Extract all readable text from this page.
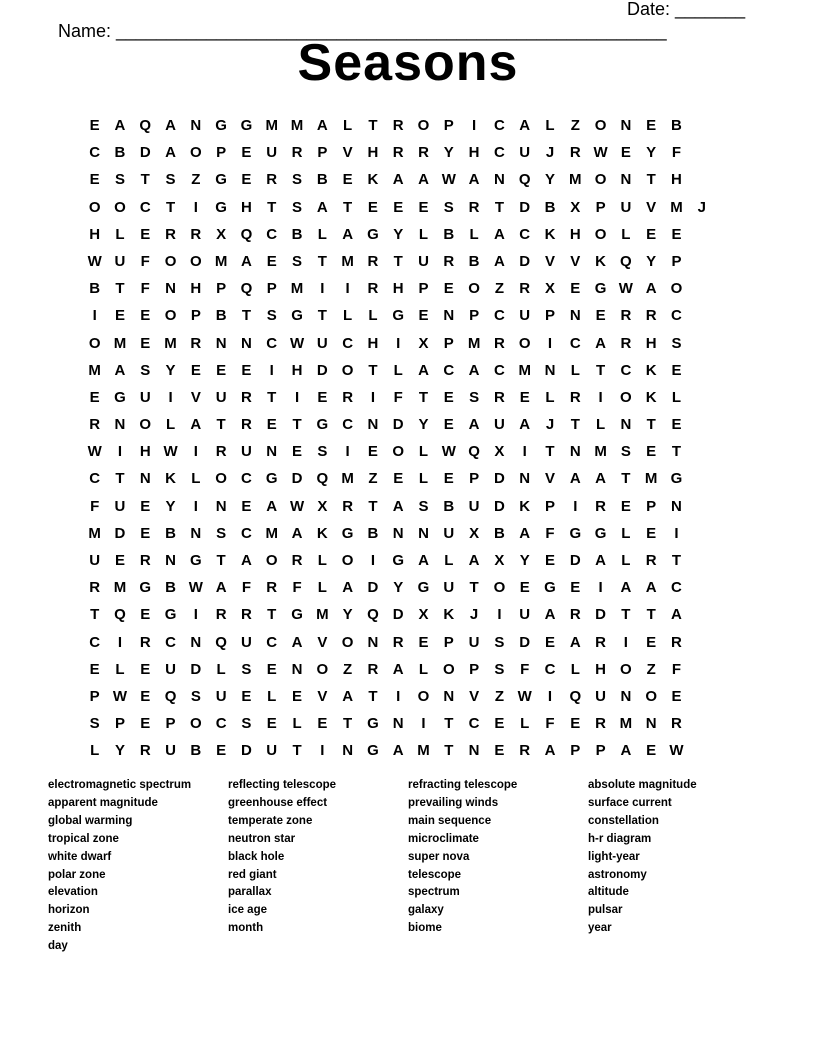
Name: _______________________________________________________

Date: _______

Seasons
E A Q A N G G M M A	L	T	R O P	I	C A	L	Z O N E B
C B D A O P	E U R P	V H R R Y H C U	J	R W E	Y	F
E	S	T	S	Z G E R S B E K A A W A N Q Y M O N	T	H
O O C	T	I	G H	T	S A	T	E	E	E	S R	T	D B X	P U V M J
H	L	E R R X Q C B	L	A G Y	L	B	L	A C K H O L	E	E
W U	F O O M A E	S	T M R	T	U R B A D V	V K Q Y	P
B	T	F	N H P Q P M	I	I	R H P	E O Z	R X	E G W A O
I	E	E O P B	T	S G T	L	L G E N P C U P N E R R C
O M E M R N N C W U C H	I	X	P M R O	I	C A R H S
M A S	Y	E	E	E	I	H D O T	L	A C A C M N	L	T	C K E
E G U	I	V U R	T	I	E R	I	F	T	E	S R E	L	R	I	O K	L
R N O L	A	T	R E	T G C N D Y	E A U A	J	T	L	N	T	E
W	I	H W	I	R U N E	S	I	E O L W Q X	I	T	N M S	E	T
C	T	N K	L O C G D Q M Z	E	L	E	P D N V A A	T M G
F	U E	Y	I	N E A W X R	T	A S B U D K P	I	R E	P N
M D E B N S C M A K G B N N U X B A	F G G L	E	I
U E R N G T	A O R	L O	I	G A	L	A X	Y	E D A	L	R	T
R M G B W A	F	R	F	L	A D Y G U	T O E G E	I	A A C
T Q E G	I	R R	T G M Y Q D X K	J	I	U A R D	T	T	A
C	I	R C N Q U C A V O N R E	P U S D E A R	I	E R
E	L	E U D	L	S	E N O Z	R A	L O P	S	F	C	L	H O Z	F
P W E Q S U E	L	E	V A	T	I	O N V	Z W	I	Q U N O E
S	P	E	P O C S	E	L	E	T G N	I	T	C E	L	F	E R M N R
L	Y R U B E D U	T	I	N G A M T	N E R A P	P A E W
electromagnetic spectrum
apparent magnitude
global warming
tropical zone
white dwarf
polar zone
elevation
horizon
zenith
day
reflecting telescope
greenhouse effect
temperate zone
neutron star
black hole
red giant
parallax
ice age
month
refracting telescope
prevailing winds
main sequence
microclimate
super nova
telescope
spectrum
galaxy
biome
absolute magnitude
surface current
constellation
h-r diagram
light-year
astronomy
altitude
pulsar
year
